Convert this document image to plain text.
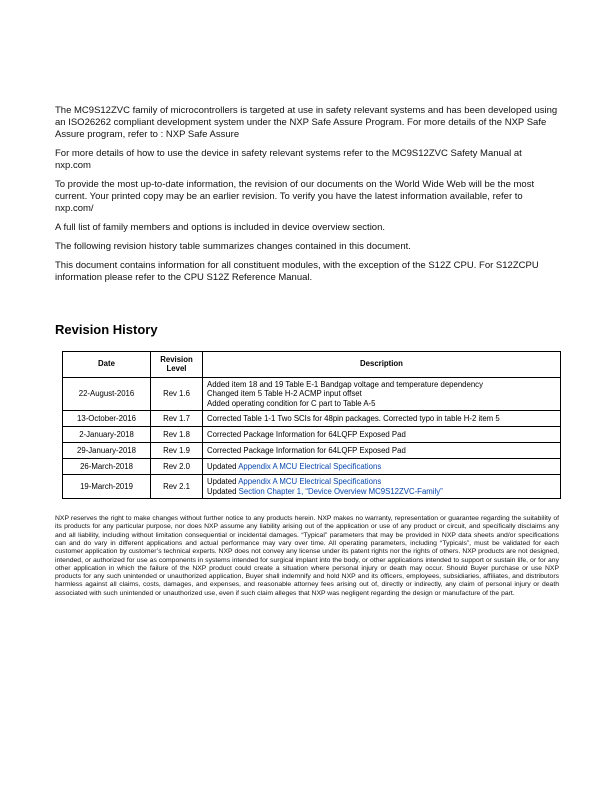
The MC9S12ZVC family of microcontrollers is targeted at use in safety relevant systems and has been developed using an ISO26262 compliant development system under the NXP Safe Assure Program. For more details of the NXP Safe Assure program, refer to : NXP Safe Assure

For more details of how to use the device in safety relevant systems refer to the MC9S12ZVC Safety Manual at nxp.com

To provide the most up-to-date information, the revision of our documents on the World Wide Web will be the most current. Your printed copy may be an earlier revision. To verify you have the latest information available, refer to nxp.com/

A full list of family members and options is included in device overview section.

The following revision history table summarizes changes contained in this document.

This document contains information for all constituent modules, with the exception of the S12Z CPU. For S12ZCPU information please refer to the CPU S12Z Reference Manual.

Revision History
Date	Revision Level	Description
22-August-2016	Rev 1.6	Added item 18 and 19 Table E-1 Bandgap voltage and temperature dependency
Changed item 5 Table H-2 ACMP input offset
Added operating condition for C part to Table A-5

13-October-2016	Rev 1.7	Corrected Table 1-1 Two SCIs for 48pin packages. Corrected typo in table H-2 item 5

2-January-2018	Rev 1.8	Corrected Package Information for 64LQFP Exposed Pad

29-January-2018	Rev 1.9	Corrected Package Information for 64LQFP Exposed Pad

26-March-2018	Rev 2.0	Updated Appendix A MCU Electrical Specifications

19-March-2019	Rev 2.1	Updated Appendix A MCU Electrical Specifications
Updated Section Chapter 1, “Device Overview MC9S12ZVC-Family”

NXP reserves the right to make changes without further notice to any products herein. NXP makes no warranty, representation or guarantee regarding the suitability of its products for any particular purpose, nor does NXP assume any liability arising out of the application or use of any product or circuit, and specifically disclaims any and all liability, including without limitation consequential or incidental damages. “Typical” parameters that may be provided in NXP data sheets and/or specifications can and do vary in different applications and actual performance may vary over time. All operating parameters, including “Typicals”, must be validated for each customer application by customer’s technical experts. NXP does not convey any license under its patent rights nor the rights of others. NXP products are not designed, intended, or authorized for use as components in systems intended for surgical implant into the body, or other applications intended to support or sustain life, or for any other application in which the failure of the NXP product could create a situation where personal injury or death may occur. Should Buyer purchase or use NXP products for any such unintended or unauthorized application, Buyer shall indemnify and hold NXP and its officers, employees, subsidiaries, affiliates, and distributors harmless against all claims, costs, damages, and expenses, and reasonable attorney fees arising out of, directly or indirectly, any claim of personal injury or death associated with such unintended or unauthorized use, even if such claim alleges that NXP was negligent regarding the design or manufacture of the part.
